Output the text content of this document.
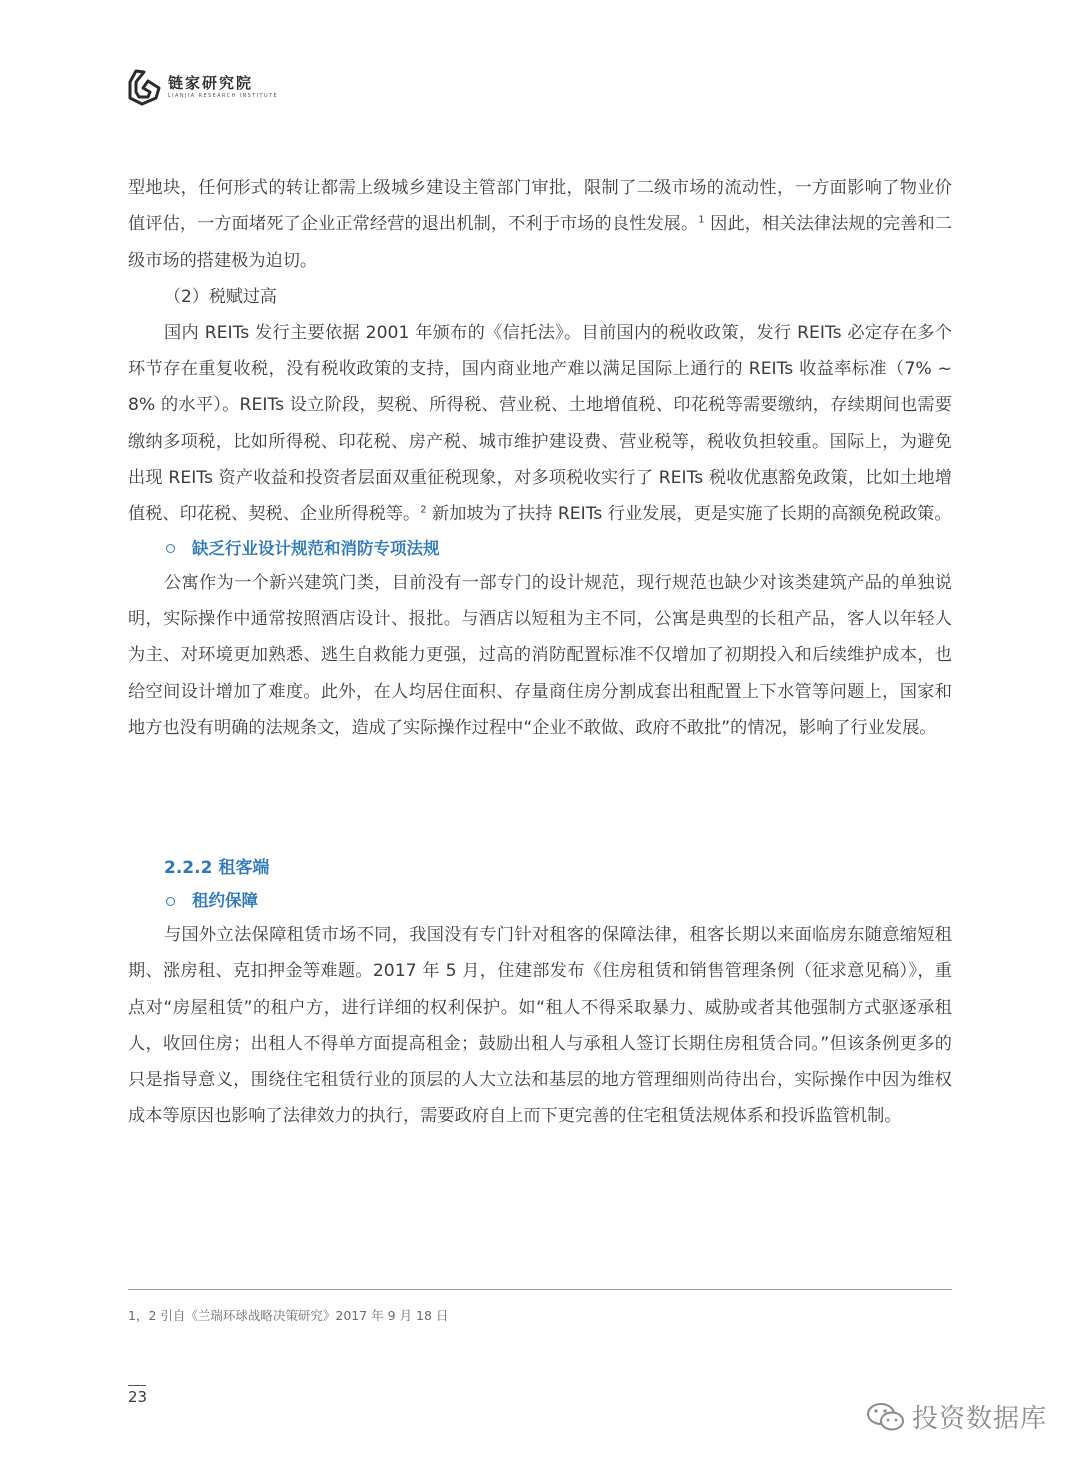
链家研究院
LIANJIA RESEARCH INSTITUTE

型地块，任何形式的转让都需上级城乡建设主管部门审批，限制了二级市场的流动性，一方面影响了物业价值评估，一方面堵死了企业正常经营的退出机制，不利于市场的良性发展。$^1$ 因此，相关法律法规的完善和二级市场的搭建极为迫切。

（2）税赋过高

国内 REITs 发行主要依据 2001 年颁布的《信托法》。目前国内的税收政策，发行 REITs 必定存在多个环节存在重复收税，没有税收政策的支持，国内商业地产难以满足国际上通行的 REITs 收益率标准（7% ~ 8% 的水平）。REITs 设立阶段，契税、所得税、营业税、土地增值税、印花税等需要缴纳，存续期间也需要缴纳多项税，比如所得税、印花税、房产税、城市维护建设费、营业税等，税收负担较重。国际上，为避免出现 REITs 资产收益和投资者层面双重征税现象，对多项税收实行了 REITs 税收优惠豁免政策，比如土地增值税、印花税、契税、企业所得税等。$^2$ 新加坡为了扶持 REITs 行业发展，更是实施了长期的高额免税政策。

缺乏行业设计规范和消防专项法规

公寓作为一个新兴建筑门类，目前没有一部专门的设计规范，现行规范也缺少对该类建筑产品的单独说明，实际操作中通常按照酒店设计、报批。与酒店以短租为主不同，公寓是典型的长租产品，客人以年轻人为主、对环境更加熟悉、逃生自救能力更强，过高的消防配置标准不仅增加了初期投入和后续维护成本，也给空间设计增加了难度。此外，在人均居住面积、存量商住房分割成套出租配置上下水管等问题上，国家和地方也没有明确的法规条文，造成了实际操作过程中“企业不敢做、政府不敢批”的情况，影响了行业发展。

2.2.2 租客端
租约保障

与国外立法保障租赁市场不同，我国没有专门针对租客的保障法律，租客长期以来面临房东随意缩短租期、涨房租、克扣押金等难题。2017 年 5 月，住建部发布《住房租赁和销售管理条例（征求意见稿）》，重点对“房屋租赁”的租户方，进行详细的权利保护。如“租人不得采取暴力、威胁或者其他强制方式驱逐承租人，收回住房；出租人不得单方面提高租金；鼓励出租人与承租人签订长期住房租赁合同。”但该条例更多的只是指导意义，围绕住宅租赁行业的顶层的人大立法和基层的地方管理细则尚待出台，实际操作中因为维权成本等原因也影响了法律效力的执行，需要政府自上而下更完善的住宅租赁法规体系和投诉监管机制。

1，2 引自《兰瑞环球战略决策研究》2017 年 9 月 18 日
23
投资数据库
